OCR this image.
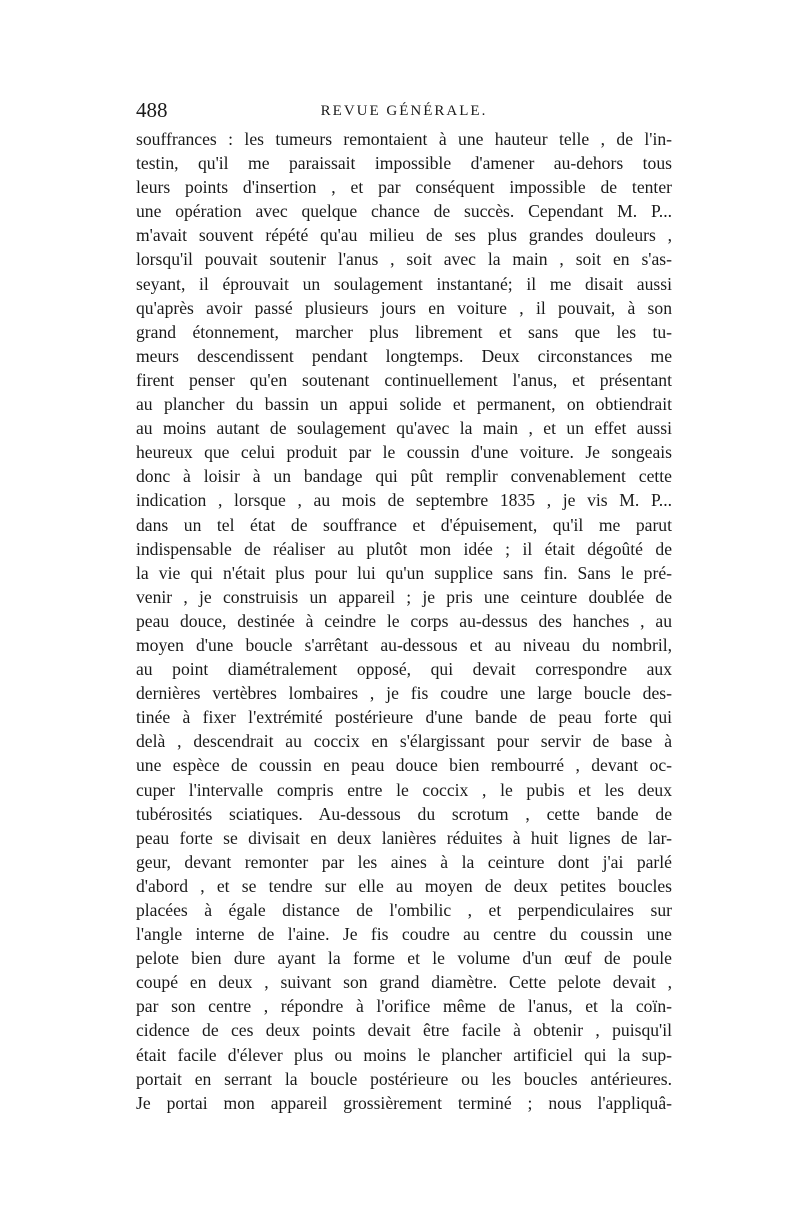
488	REVUE GÉNÉRALE.
souffrances : les tumeurs remontaient à une hauteur telle , de l'in-
testin, qu'il me paraissait impossible d'amener au-dehors tous
leurs points d'insertion , et par conséquent impossible de tenter
une opération avec quelque chance de succès. Cependant M. P...
m'avait souvent répété qu'au milieu de ses plus grandes douleurs ,
lorsqu'il pouvait soutenir l'anus , soit avec la main , soit en s'as-
seyant, il éprouvait un soulagement instantané; il me disait aussi
qu'après avoir passé plusieurs jours en voiture , il pouvait, à son
grand étonnement, marcher plus librement et sans que les tu-
meurs descendissent pendant longtemps. Deux circonstances me
firent penser qu'en soutenant continuellement l'anus, et présentant
au plancher du bassin un appui solide et permanent, on obtiendrait
au moins autant de soulagement qu'avec la main , et un effet aussi
heureux que celui produit par le coussin d'une voiture. Je songeais
donc à loisir à un bandage qui pût remplir convenablement cette
indication , lorsque , au mois de septembre 1835 , je vis M. P...
dans un tel état de souffrance et d'épuisement, qu'il me parut
indispensable de réaliser au plutôt mon idée ; il était dégoûté de
la vie qui n'était plus pour lui qu'un supplice sans fin. Sans le pré-
venir , je construisis un appareil ; je pris une ceinture doublée de
peau douce, destinée à ceindre le corps au-dessus des hanches , au
moyen d'une boucle s'arrêtant au-dessous et au niveau du nombril,
au point diamétralement opposé, qui devait correspondre aux
dernières vertèbres lombaires , je fis coudre une large boucle des-
tinée à fixer l'extrémité postérieure d'une bande de peau forte qui
delà , descendrait au coccix en s'élargissant pour servir de base à
une espèce de coussin en peau douce bien rembourré , devant oc-
cuper l'intervalle compris entre le coccix , le pubis et les deux
tubérosités sciatiques. Au-dessous du scrotum , cette bande de
peau forte se divisait en deux lanières réduites à huit lignes de lar-
geur, devant remonter par les aines à la ceinture dont j'ai parlé
d'abord , et se tendre sur elle au moyen de deux petites boucles
placées à égale distance de l'ombilic , et perpendiculaires sur
l'angle interne de l'aine. Je fis coudre au centre du coussin une
pelote bien dure ayant la forme et le volume d'un œuf de poule
coupé en deux , suivant son grand diamètre. Cette pelote devait ,
par son centre , répondre à l'orifice même de l'anus, et la coïn-
cidence de ces deux points devait être facile à obtenir , puisqu'il
était facile d'élever plus ou moins le plancher artificiel qui la sup-
portait en serrant la boucle postérieure ou les boucles antérieures.
Je portai mon appareil grossièrement terminé ; nous l'appliquâ-
